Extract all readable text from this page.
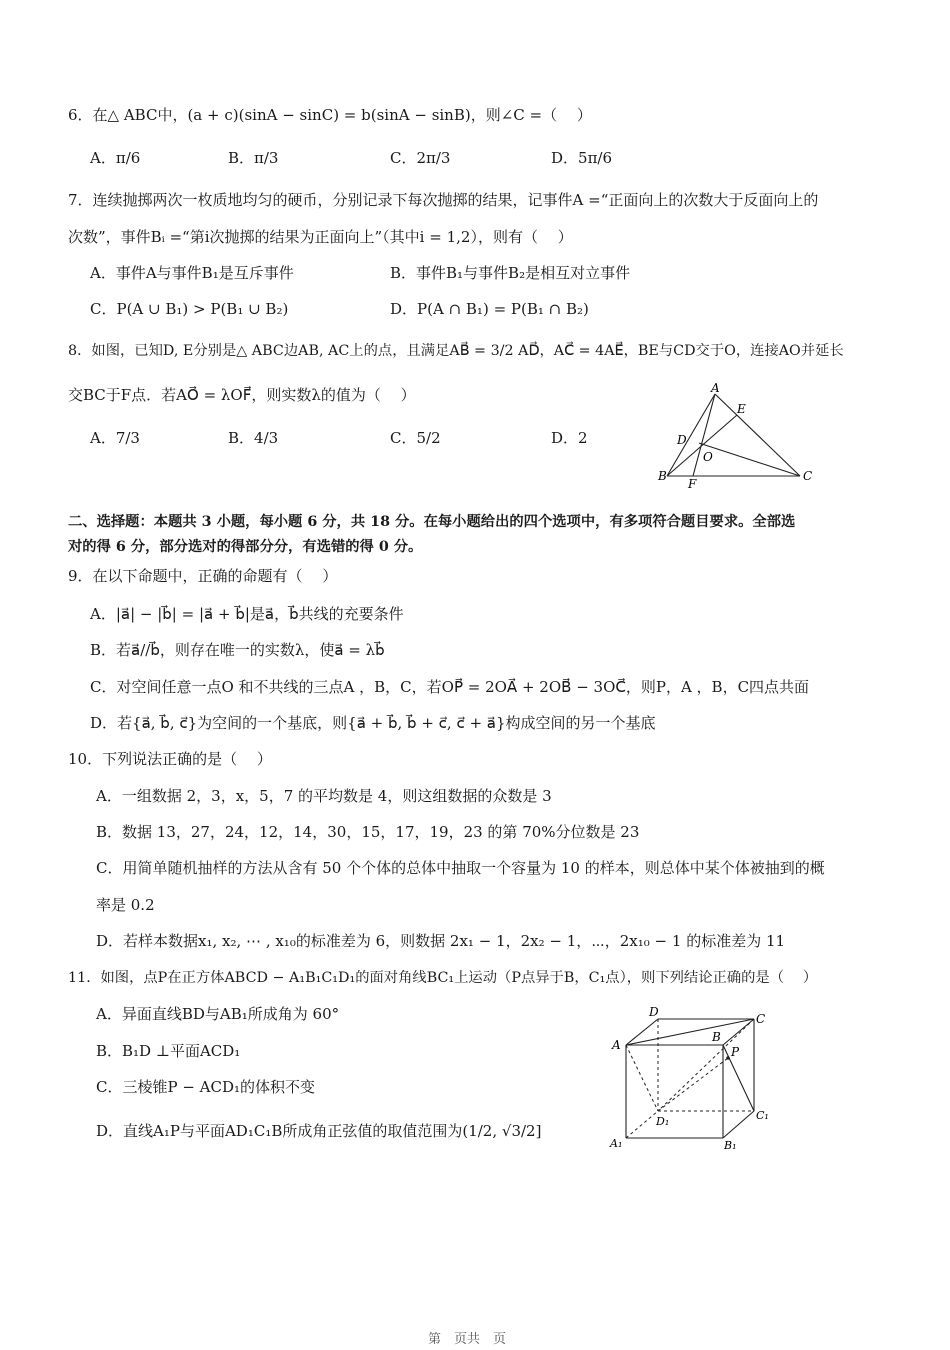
6．在△ ABC中，(a + c)(sinA − sinC) = b(sinA − sinB)，则∠C =（　 ）
A．π/6	B．π/3	C．2π/3	D．5π/6
7．连续抛掷两次一枚质地均匀的硬币，分别记录下每次抛掷的结果，记事件A =“正面向上的次数大于反面向上的
次数”，事件Bᵢ =“第i次抛掷的结果为正面向上”（其中i = 1,2），则有（　 ）
A．事件A与事件B₁是互斥事件	B．事件B₁与事件B₂是相互对立事件
C．P(A ∪ B₁) > P(B₁ ∪ B₂)	D．P(A ∩ B₁) = P(B₁ ∩ B₂)
8．如图，已知D, E分别是△ ABC边AB, AC上的点，且满足AB⃗ = 3/2 AD⃗，AC⃗ = 4AE⃗，BE与CD交于O，连接AO并延长
交BC于F点．若AO⃗ = λOF⃗，则实数λ的值为（　 ）
A．7/3	B．4/3	C．5/2	D．2
A
E
D
O
B
F
C
二、选择题：本题共 3 小题，每小题 6 分，共 18 分。在每小题给出的四个选项中，有多项符合题目要求。全部选
对的得 6 分，部分选对的得部分分，有选错的得 0 分。
9．在以下命题中，正确的命题有（　 ）
A．|a⃗| − |b⃗| = |a⃗ + b⃗|是a⃗，b⃗共线的充要条件
B．若a⃗//b⃗，则存在唯一的实数λ，使a⃗ = λb⃗
C．对空间任意一点O 和不共线的三点A ，B，C，若OP⃗ = 2OA⃗ + 2OB⃗ − 3OC⃗，则P，A ，B，C四点共面
D．若{a⃗, b⃗, c⃗}为空间的一个基底，则{a⃗ + b⃗, b⃗ + c⃗, c⃗ + a⃗}构成空间的另一个基底
10．下列说法正确的是（　 ）
A．一组数据 2，3，x，5，7 的平均数是 4，则这组数据的众数是 3
B．数据 13，27，24，12，14，30，15，17，19，23 的第 70%分位数是 23
C．用简单随机抽样的方法从含有 50 个个体的总体中抽取一个容量为 10 的样本，则总体中某个体被抽到的概
率是 0.2
D．若样本数据x₁, x₂, ⋯ , x₁₀的标准差为 6，则数据 2x₁ − 1，2x₂ − 1，⋯，2x₁₀ − 1 的标准差为 11
11．如图，点P在正方体ABCD − A₁B₁C₁D₁的面对角线BC₁上运动（P点异于B，C₁点），则下列结论正确的是（　 ）
A．异面直线BD与AB₁所成角为 60°
B．B₁D ⊥平面ACD₁
C．三棱锥P − ACD₁的体积不变
D．直线A₁P与平面AD₁C₁B所成角正弦值的取值范围为(1/2, √3/2]
D	C
A
B
P
D₁	C₁
A₁	B₁
第　页共　页
